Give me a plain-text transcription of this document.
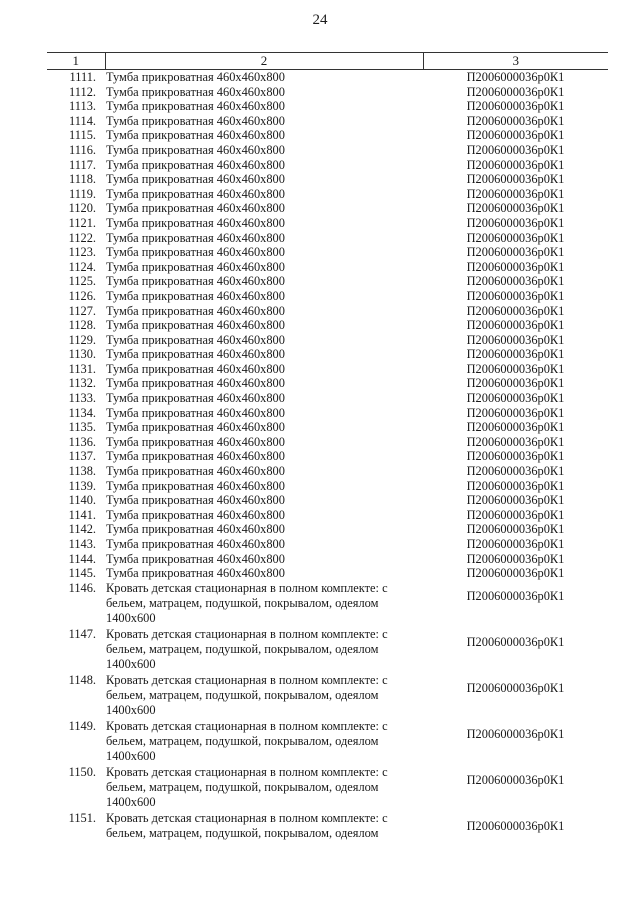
24
1	2	3
1111.	Тумба прикроватная 460х460х800	П2006000036р0К1
1112.	Тумба прикроватная 460х460х800	П2006000036р0К1
1113.	Тумба прикроватная 460х460х800	П2006000036р0К1
1114.	Тумба прикроватная 460х460х800	П2006000036р0К1
1115.	Тумба прикроватная 460х460х800	П2006000036р0К1
1116.	Тумба прикроватная 460х460х800	П2006000036р0К1
1117.	Тумба прикроватная 460х460х800	П2006000036р0К1
1118.	Тумба прикроватная 460х460х800	П2006000036р0К1
1119.	Тумба прикроватная 460х460х800	П2006000036р0К1
1120.	Тумба прикроватная 460х460х800	П2006000036р0К1
1121.	Тумба прикроватная 460х460х800	П2006000036р0К1
1122.	Тумба прикроватная 460х460х800	П2006000036р0К1
1123.	Тумба прикроватная 460х460х800	П2006000036р0К1
1124.	Тумба прикроватная 460х460х800	П2006000036р0К1
1125.	Тумба прикроватная 460х460х800	П2006000036р0К1
1126.	Тумба прикроватная 460х460х800	П2006000036р0К1
1127.	Тумба прикроватная 460х460х800	П2006000036р0К1
1128.	Тумба прикроватная 460х460х800	П2006000036р0К1
1129.	Тумба прикроватная 460х460х800	П2006000036р0К1
1130.	Тумба прикроватная 460х460х800	П2006000036р0К1
1131.	Тумба прикроватная 460х460х800	П2006000036р0К1
1132.	Тумба прикроватная 460х460х800	П2006000036р0К1
1133.	Тумба прикроватная 460х460х800	П2006000036р0К1
1134.	Тумба прикроватная 460х460х800	П2006000036р0К1
1135.	Тумба прикроватная 460х460х800	П2006000036р0К1
1136.	Тумба прикроватная 460х460х800	П2006000036р0К1
1137.	Тумба прикроватная 460х460х800	П2006000036р0К1
1138.	Тумба прикроватная 460х460х800	П2006000036р0К1
1139.	Тумба прикроватная 460х460х800	П2006000036р0К1
1140.	Тумба прикроватная 460х460х800	П2006000036р0К1
1141.	Тумба прикроватная 460х460х800	П2006000036р0К1
1142.	Тумба прикроватная 460х460х800	П2006000036р0К1
1143.	Тумба прикроватная 460х460х800	П2006000036р0К1
1144.	Тумба прикроватная 460х460х800	П2006000036р0К1
1145.	Тумба прикроватная 460х460х800	П2006000036р0К1
1146.	Кровать детская стационарная в полном комплекте: с бельем, матрацем, подушкой, покрывалом, одеялом 1400х600	П2006000036р0К1
1147.	Кровать детская стационарная в полном комплекте: с бельем, матрацем, подушкой, покрывалом, одеялом 1400х600	П2006000036р0К1
1148.	Кровать детская стационарная в полном комплекте: с бельем, матрацем, подушкой, покрывалом, одеялом 1400х600	П2006000036р0К1
1149.	Кровать детская стационарная в полном комплекте: с бельем, матрацем, подушкой, покрывалом, одеялом 1400х600	П2006000036р0К1
1150.	Кровать детская стационарная в полном комплекте: с бельем, матрацем, подушкой, покрывалом, одеялом 1400х600	П2006000036р0К1
1151.	Кровать детская стационарная в полном комплекте: с бельем, матрацем, подушкой, покрывалом, одеялом	П2006000036р0К1
